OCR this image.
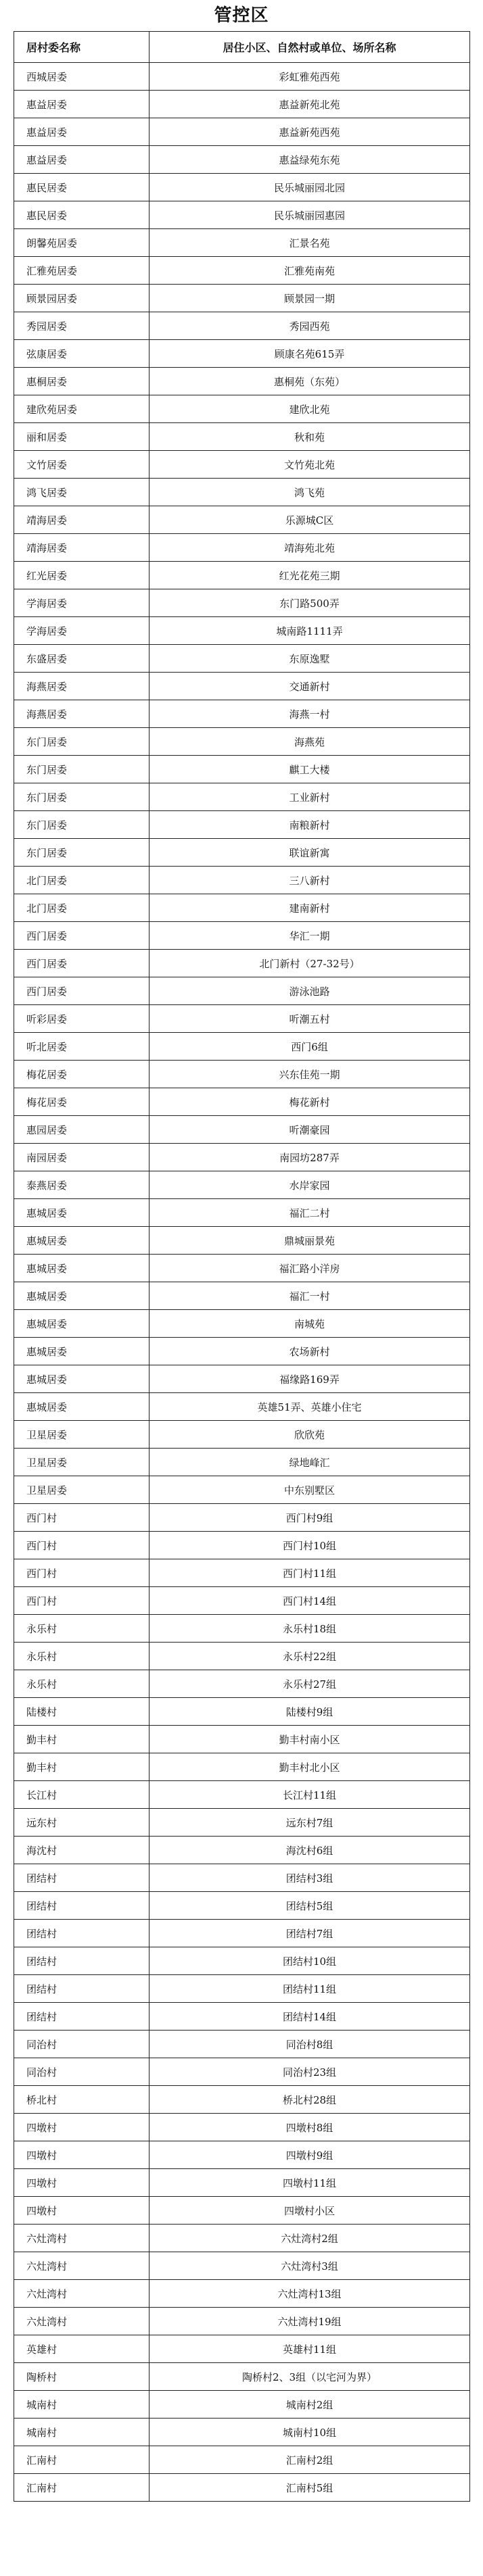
管控区
居村委名称	居住小区、自然村或单位、场所名称
西城居委	彩虹雅苑西苑
惠益居委	惠益新苑北苑
惠益居委	惠益新苑西苑
惠益居委	惠益绿苑东苑
惠民居委	民乐城丽园北园
惠民居委	民乐城丽园惠园
朗馨苑居委	汇景名苑
汇雅苑居委	汇雅苑南苑
顾景园居委	顾景园一期
秀园居委	秀园西苑
弦康居委	顾康名苑615弄
惠桐居委	惠桐苑（东苑）
建欣苑居委	建欣北苑
丽和居委	秋和苑
文竹居委	文竹苑北苑
鸿飞居委	鸿飞苑
靖海居委	乐源城C区
靖海居委	靖海苑北苑
红光居委	红光花苑三期
学海居委	东门路500弄
学海居委	城南路1111弄
东盛居委	东原逸墅
海燕居委	交通新村
海燕居委	海燕一村
东门居委	海燕苑
东门居委	麒工大楼
东门居委	工业新村
东门居委	南粮新村
东门居委	联谊新寓
北门居委	三八新村
北门居委	建南新村
西门居委	华汇一期
西门居委	北门新村（27-32号）
西门居委	游泳池路
听彩居委	听潮五村
听北居委	西门6组
梅花居委	兴东佳苑一期
梅花居委	梅花新村
惠园居委	听潮豪园
南园居委	南园坊287弄
泰燕居委	水岸家园
惠城居委	福汇二村
惠城居委	鼎城丽景苑
惠城居委	福汇路小洋房
惠城居委	福汇一村
惠城居委	南城苑
惠城居委	农场新村
惠城居委	福缘路169弄
惠城居委	英雄51弄、英雄小住宅
卫星居委	欣欣苑
卫星居委	绿地峰汇
卫星居委	中东别墅区
西门村	西门村9组
西门村	西门村10组
西门村	西门村11组
西门村	西门村14组
永乐村	永乐村18组
永乐村	永乐村22组
永乐村	永乐村27组
陆楼村	陆楼村9组
勤丰村	勤丰村南小区
勤丰村	勤丰村北小区
长江村	长江村11组
远东村	远东村7组
海沈村	海沈村6组
团结村	团结村3组
团结村	团结村5组
团结村	团结村7组
团结村	团结村10组
团结村	团结村11组
团结村	团结村14组
同治村	同治村8组
同治村	同治村23组
桥北村	桥北村28组
四墩村	四墩村8组
四墩村	四墩村9组
四墩村	四墩村11组
四墩村	四墩村小区
六灶湾村	六灶湾村2组
六灶湾村	六灶湾村3组
六灶湾村	六灶湾村13组
六灶湾村	六灶湾村19组
英雄村	英雄村11组
陶桥村	陶桥村2、3组（以宅河为界）
城南村	城南村2组
城南村	城南村10组
汇南村	汇南村2组
汇南村	汇南村5组
